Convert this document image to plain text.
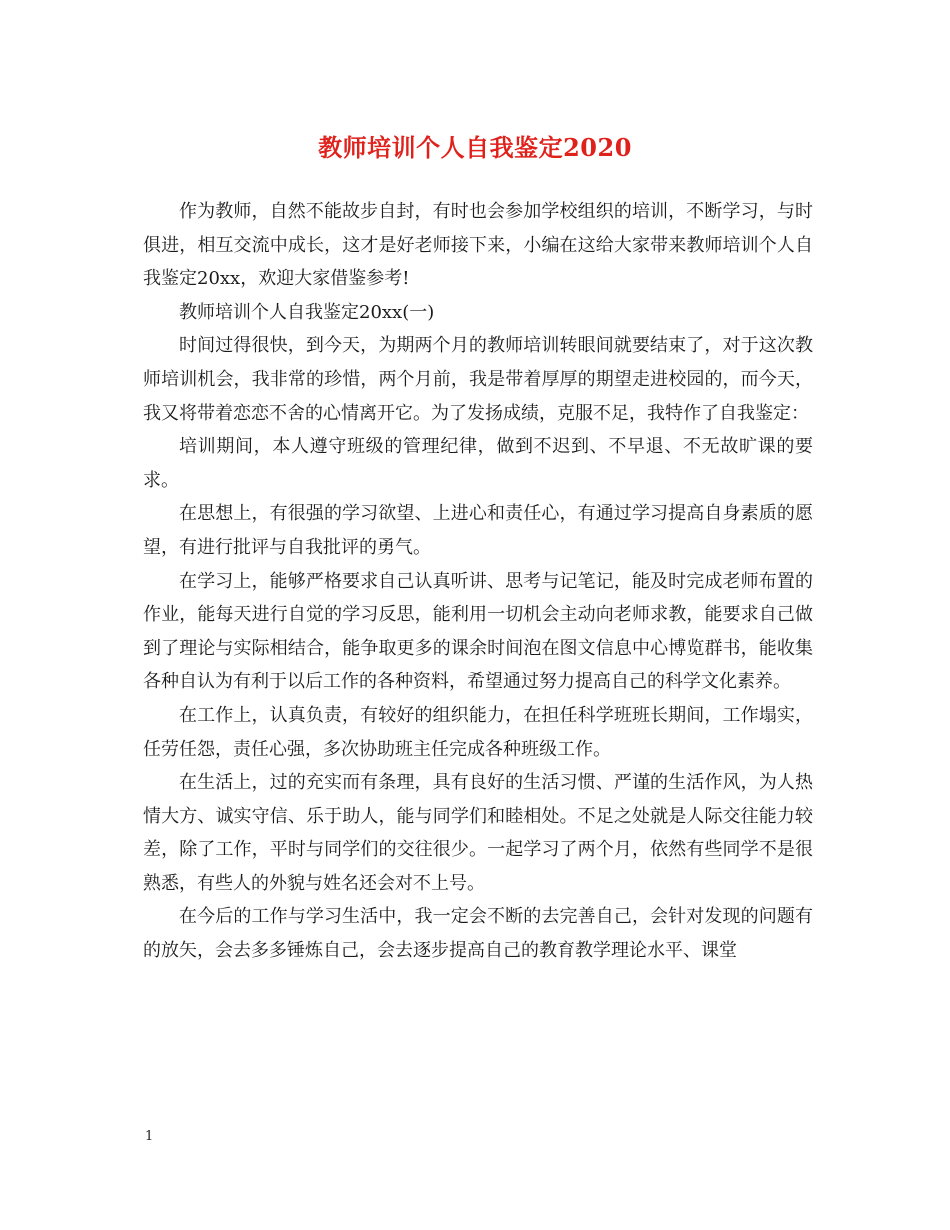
教师培训个人自我鉴定2020

作为教师，自然不能故步自封，有时也会参加学校组织的培训，不断学习，与时俱进，相互交流中成长，这才是好老师接下来，小编在这给大家带来教师培训个人自我鉴定20xx，欢迎大家借鉴参考!

教师培训个人自我鉴定20xx(一)

时间过得很快，到今天，为期两个月的教师培训转眼间就要结束了，对于这次教师培训机会，我非常的珍惜，两个月前，我是带着厚厚的期望走进校园的，而今天，我又将带着恋恋不舍的心情离开它。为了发扬成绩，克服不足，我特作了自我鉴定：

培训期间，本人遵守班级的管理纪律，做到不迟到、不早退、不无故旷课的要求。

在思想上，有很强的学习欲望、上进心和责任心，有通过学习提高自身素质的愿望，有进行批评与自我批评的勇气。

在学习上，能够严格要求自己认真听讲、思考与记笔记，能及时完成老师布置的作业，能每天进行自觉的学习反思，能利用一切机会主动向老师求教，能要求自己做到了理论与实际相结合，能争取更多的课余时间泡在图文信息中心博览群书，能收集各种自认为有利于以后工作的各种资料，希望通过努力提高自己的科学文化素养。

在工作上，认真负责，有较好的组织能力，在担任科学班班长期间，工作塌实，任劳任怨，责任心强，多次协助班主任完成各种班级工作。

在生活上，过的充实而有条理，具有良好的生活习惯、严谨的生活作风，为人热情大方、诚实守信、乐于助人，能与同学们和睦相处。不足之处就是人际交往能力较差，除了工作，平时与同学们的交往很少。一起学习了两个月，依然有些同学不是很熟悉，有些人的外貌与姓名还会对不上号。

在今后的工作与学习生活中，我一定会不断的去完善自己，会针对发现的问题有的放矢，会去多多锤炼自己，会去逐步提高自己的教育教学理论水平、课堂

1
